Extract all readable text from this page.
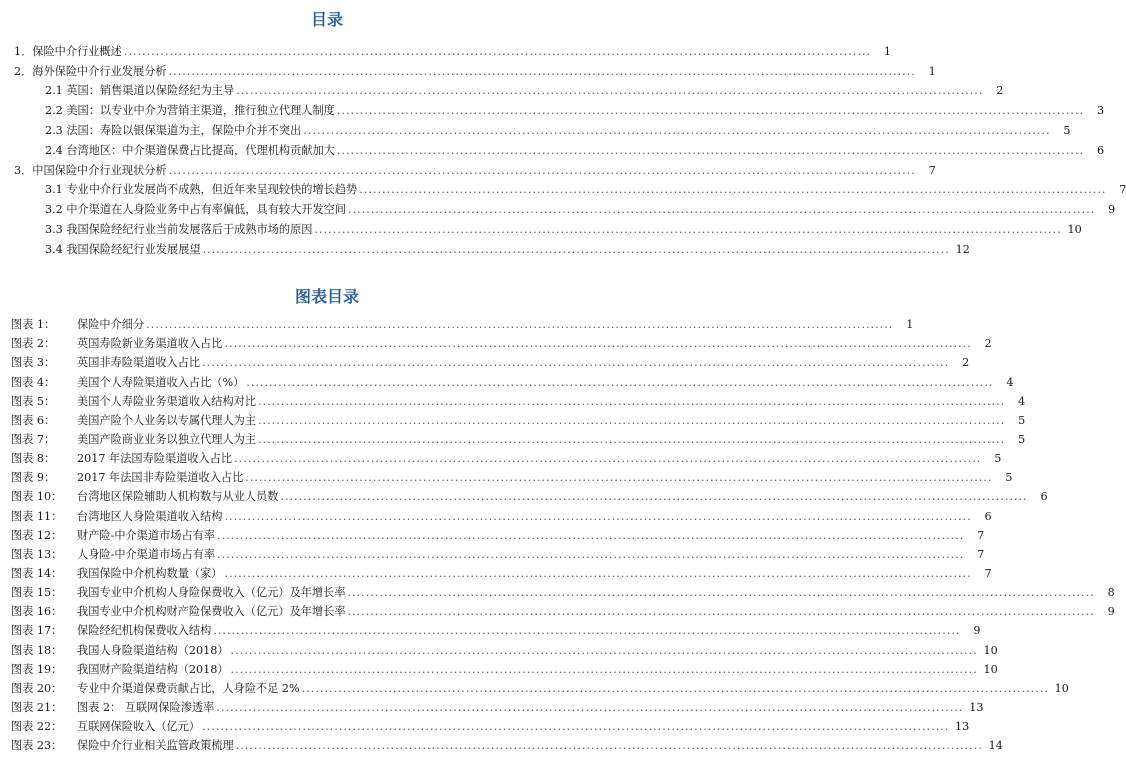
目录
1．保险中介行业概述 ....................................................................................................................................................................	1
2．海外保险中介行业发展分析 ....................................................................................................................................................................	1
2.1 英国：销售渠道以保险经纪为主导 ....................................................................................................................................................................	2
2.2 美国：以专业中介为营销主渠道，推行独立代理人制度 ....................................................................................................................................................................	3
2.3 法国：寿险以银保渠道为主，保险中介并不突出 ....................................................................................................................................................................	5
2.4 台湾地区：中介渠道保费占比提高，代理机构贡献加大 ....................................................................................................................................................................	6
3．中国保险中介行业现状分析 ....................................................................................................................................................................	7
3.1 专业中介行业发展尚不成熟，但近年来呈现较快的增长趋势 ....................................................................................................................................................................	7
3.2 中介渠道在人身险业务中占有率偏低，具有较大开发空间 ....................................................................................................................................................................	9
3.3 我国保险经纪行业当前发展落后于成熟市场的原因 .................................................................................................................................................................... 10
3.4 我国保险经纪行业发展展望 .................................................................................................................................................................... 12
图表目录
图表 1： 保险中介细分 ....................................................................................................................................................................	1
图表 2： 英国寿险新业务渠道收入占比 ....................................................................................................................................................................	2
图表 3： 英国非寿险渠道收入占比 ....................................................................................................................................................................	2
图表 4： 美国个人寿险渠道收入占比（%） ....................................................................................................................................................................	4
图表 5： 美国个人寿险业务渠道收入结构对比 ....................................................................................................................................................................	4
图表 6： 美国产险个人业务以专属代理人为主 ....................................................................................................................................................................	5
图表 7： 美国产险商业业务以独立代理人为主 ....................................................................................................................................................................	5
图表 8： 2017 年法国寿险渠道收入占比 ....................................................................................................................................................................	5
图表 9： 2017 年法国非寿险渠道收入占比 ....................................................................................................................................................................	5
图表 10： 台湾地区保险辅助人机构数与从业人员数 ....................................................................................................................................................................	6
图表 11： 台湾地区人身险渠道收入结构 ....................................................................................................................................................................	6
图表 12： 财产险-中介渠道市场占有率 ....................................................................................................................................................................	7
图表 13： 人身险-中介渠道市场占有率 ....................................................................................................................................................................	7
图表 14： 我国保险中介机构数量（家） ....................................................................................................................................................................	7
图表 15： 我国专业中介机构人身险保费收入（亿元）及年增长率 ....................................................................................................................................................................	8
图表 16： 我国专业中介机构财产险保费收入（亿元）及年增长率 ....................................................................................................................................................................	9
图表 17： 保险经纪机构保费收入结构 ....................................................................................................................................................................	9
图表 18： 我国人身险渠道结构（2018） .................................................................................................................................................................... 10
图表 19： 我国财产险渠道结构（2018） .................................................................................................................................................................... 10
图表 20： 专业中介渠道保费贡献占比，人身险不足 2% .................................................................................................................................................................... 10
图表 21： 图表 2： 互联网保险渗透率 .................................................................................................................................................................... 13
图表 22： 互联网保险收入（亿元） .................................................................................................................................................................... 13
图表 23： 保险中介行业相关监管政策梳理 .................................................................................................................................................................... 14
